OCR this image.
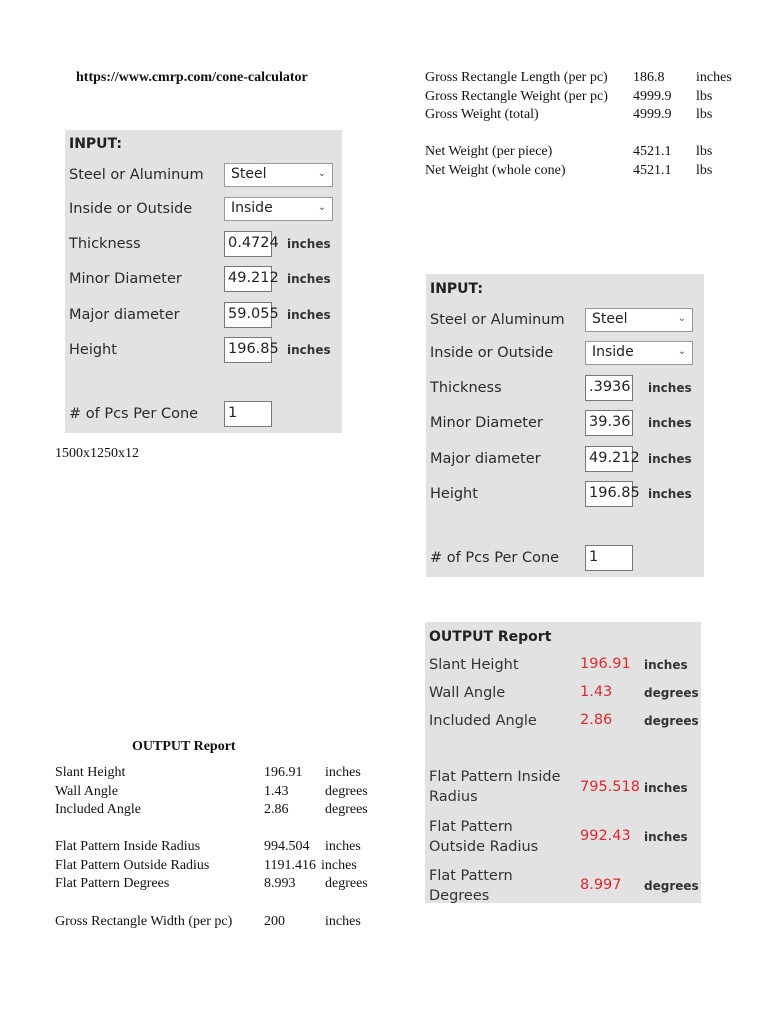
https://www.cmrp.com/cone-calculator	Gross Rectangle Length (per pc) 186.8 inches
Gross Rectangle Weight (per pc) 4999.9 lbs
Gross Weight (total)	4999.9 lbs
Net Weight (per piece)	4521.1 lbs
Net Weight (whole cone)	4521.1 lbs
INPUT:
Steel or Aluminum	Steel	⌄
Inside or Outside	Inside	⌄
Thickness	0.4724 inches
Minor Diameter	49.212 inches
Major diameter	59.055 inches
Height	196.85 inches
# of Pcs Per Cone 1
1500x1250x12
INPUT:
Steel or Aluminum	Steel	⌄
Inside or Outside	Inside	⌄
Thickness	.3936 inches
Minor Diameter	39.36 inches
Major diameter	49.212 inches
Height	196.85 inches
# of Pcs Per Cone 1
OUTPUT Report
Slant Height	196.91 inches
Wall Angle	1.43	degrees
Included Angle	2.86	degrees
Flat Pattern Inside
Radius
795.518 inches
Flat Pattern
Outside Radius
992.43 inches
Flat Pattern
Degrees
8.997 degrees
OUTPUT Report
Slant Height	196.91 inches
Wall Angle	1.43	degrees
Included Angle	2.86	degrees
Flat Pattern Inside Radius	994.504 inches
Flat Pattern Outside Radius	1191.416 inches
Flat Pattern Degrees	8.993 degrees
Gross Rectangle Width (per pc) 200	inches
